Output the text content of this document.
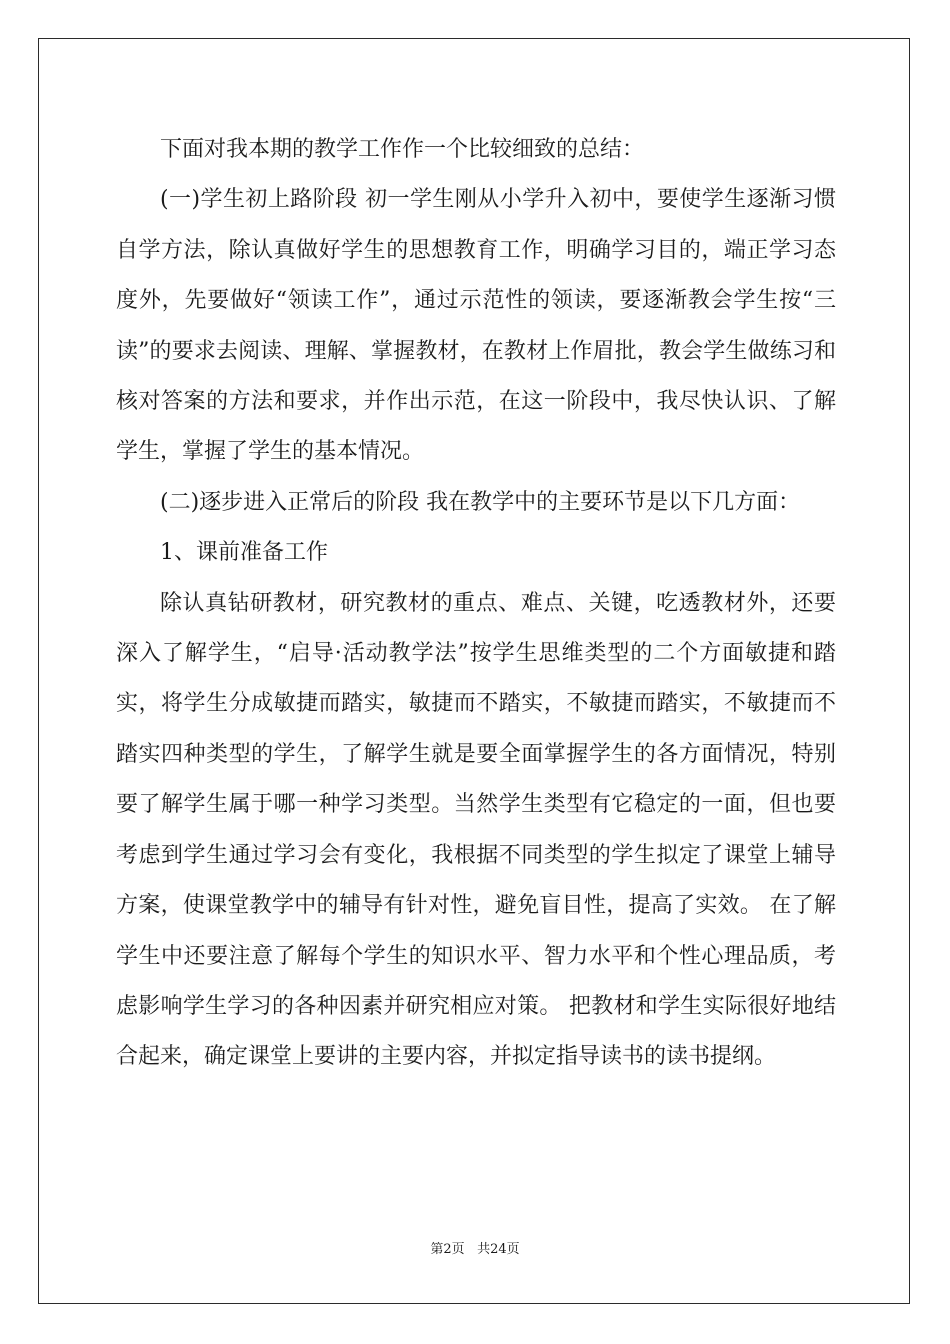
下面对我本期的教学工作作一个比较细致的总结：

(一)学生初上路阶段 初一学生刚从小学升入初中，要使学生逐渐习惯自学方法，除认真做好学生的思想教育工作，明确学习目的，端正学习态度外，先要做好“领读工作”，通过示范性的领读，要逐渐教会学生按“三读”的要求去阅读、理解、掌握教材，在教材上作眉批，教会学生做练习和核对答案的方法和要求，并作出示范，在这一阶段中，我尽快认识、了解学生，掌握了学生的基本情况。

(二)逐步进入正常后的阶段 我在教学中的主要环节是以下几方面：

1、课前准备工作

除认真钻研教材，研究教材的重点、难点、关键，吃透教材外，还要深入了解学生，“启导·活动教学法”按学生思维类型的二个方面敏捷和踏实，将学生分成敏捷而踏实，敏捷而不踏实，不敏捷而踏实，不敏捷而不踏实四种类型的学生，了解学生就是要全面掌握学生的各方面情况，特别要了解学生属于哪一种学习类型。当然学生类型有它稳定的一面，但也要考虑到学生通过学习会有变化，我根据不同类型的学生拟定了课堂上辅导方案，使课堂教学中的辅导有针对性，避免盲目性，提高了实效。 在了解学生中还要注意了解每个学生的知识水平、智力水平和个性心理品质，考虑影响学生学习的各种因素并研究相应对策。 把教材和学生实际很好地结合起来，确定课堂上要讲的主要内容，并拟定指导读书的读书提纲。

第2页 共24页
